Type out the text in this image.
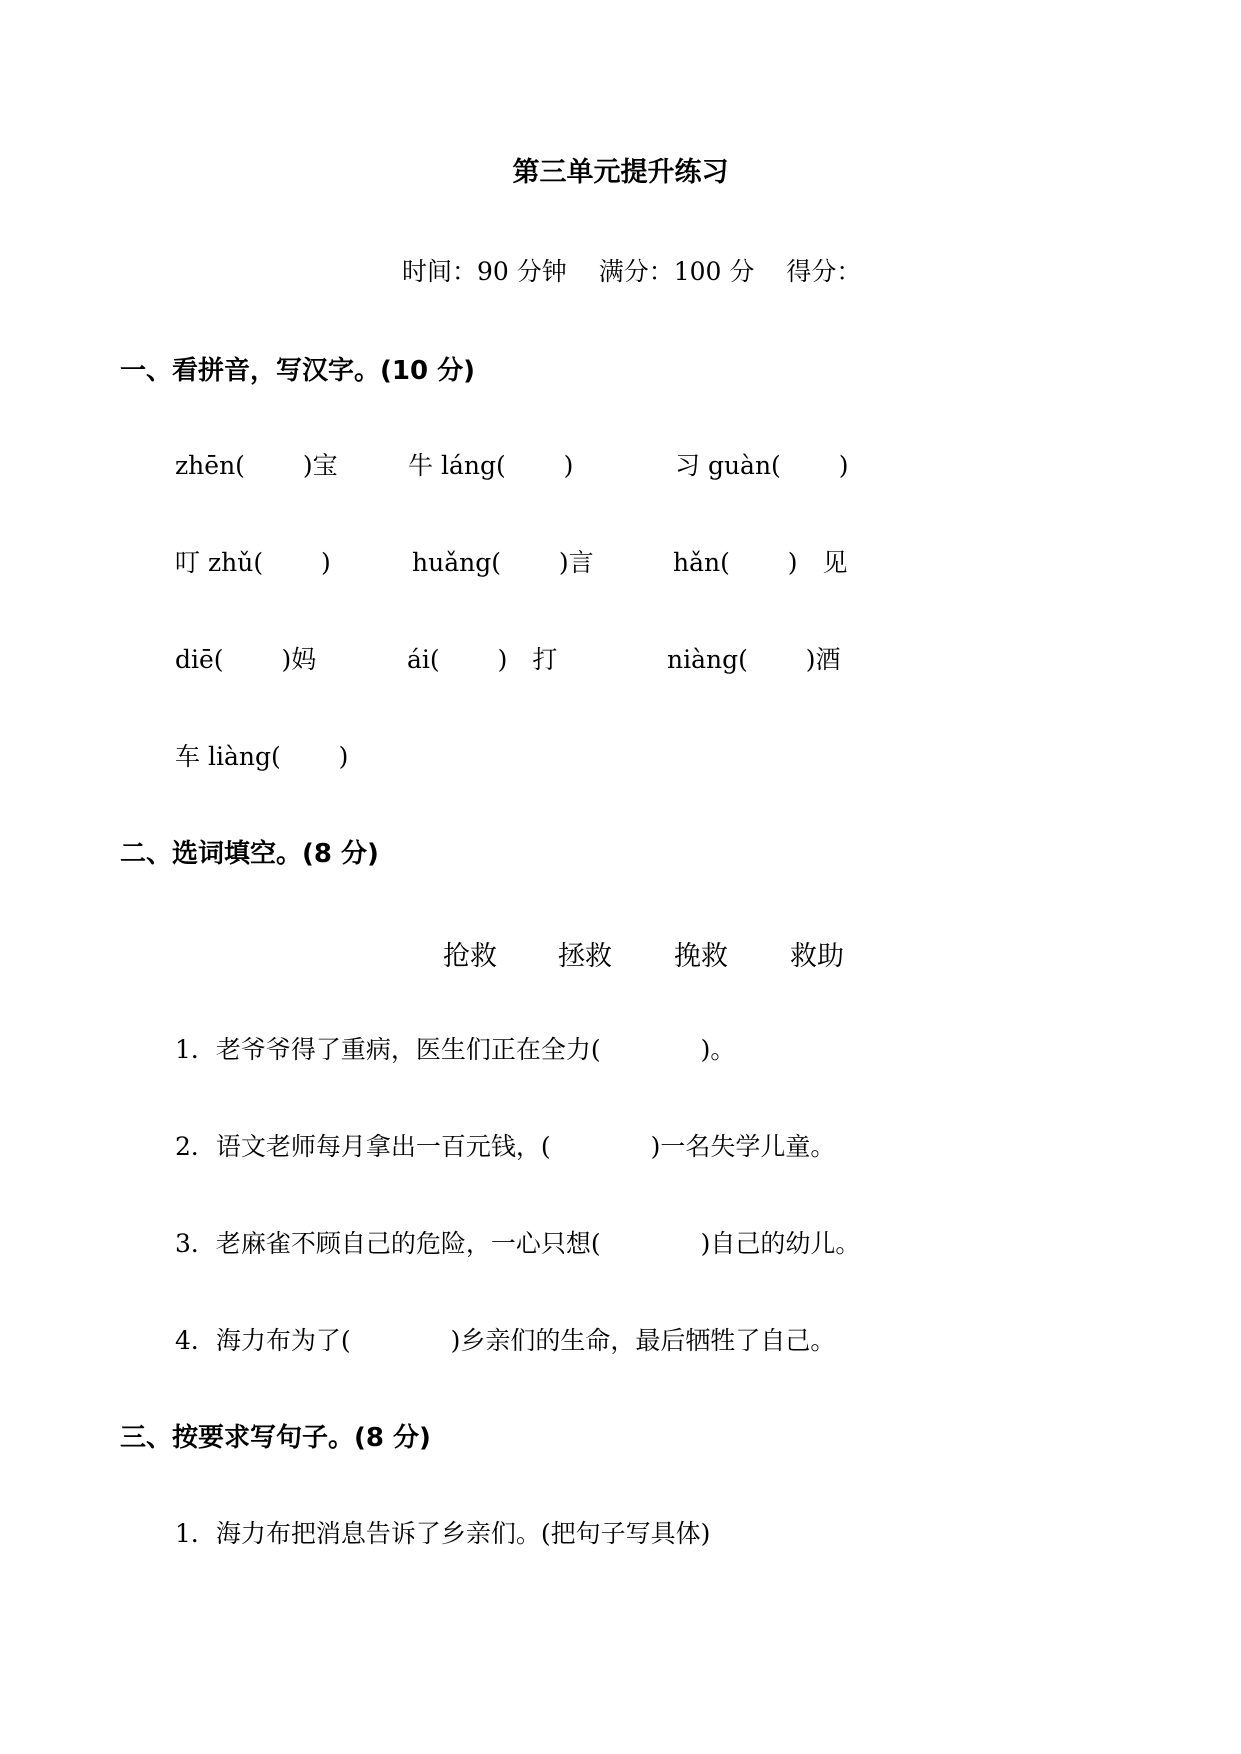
第三单元提升练习
时间：90 分钟 满分：100 分 得分：
一、看拼音，写汉字。(10 分)
zhēn(　 　)宝	牛 láng(　 　)	习 guàn(　 　)
叮 zhǔ(　 　)	huǎng(　 　)言	hǎn(　 　)　见
diē(　 　)妈	ái(　 　)　打	niàng(　 　)酒
车 liàng(　 　)
二、选词填空。(8 分)
抢救 拯救 挽救 救助
1．老爷爷得了重病，医生们正在全力(　　　　)。
2．语文老师每月拿出一百元钱，(　　　　)一名失学儿童。
3．老麻雀不顾自己的危险，一心只想(　　　　)自己的幼儿。
4．海力布为了(　　　　)乡亲们的生命，最后牺牲了自己。
三、按要求写句子。(8 分)
1．海力布把消息告诉了乡亲们。(把句子写具体)
